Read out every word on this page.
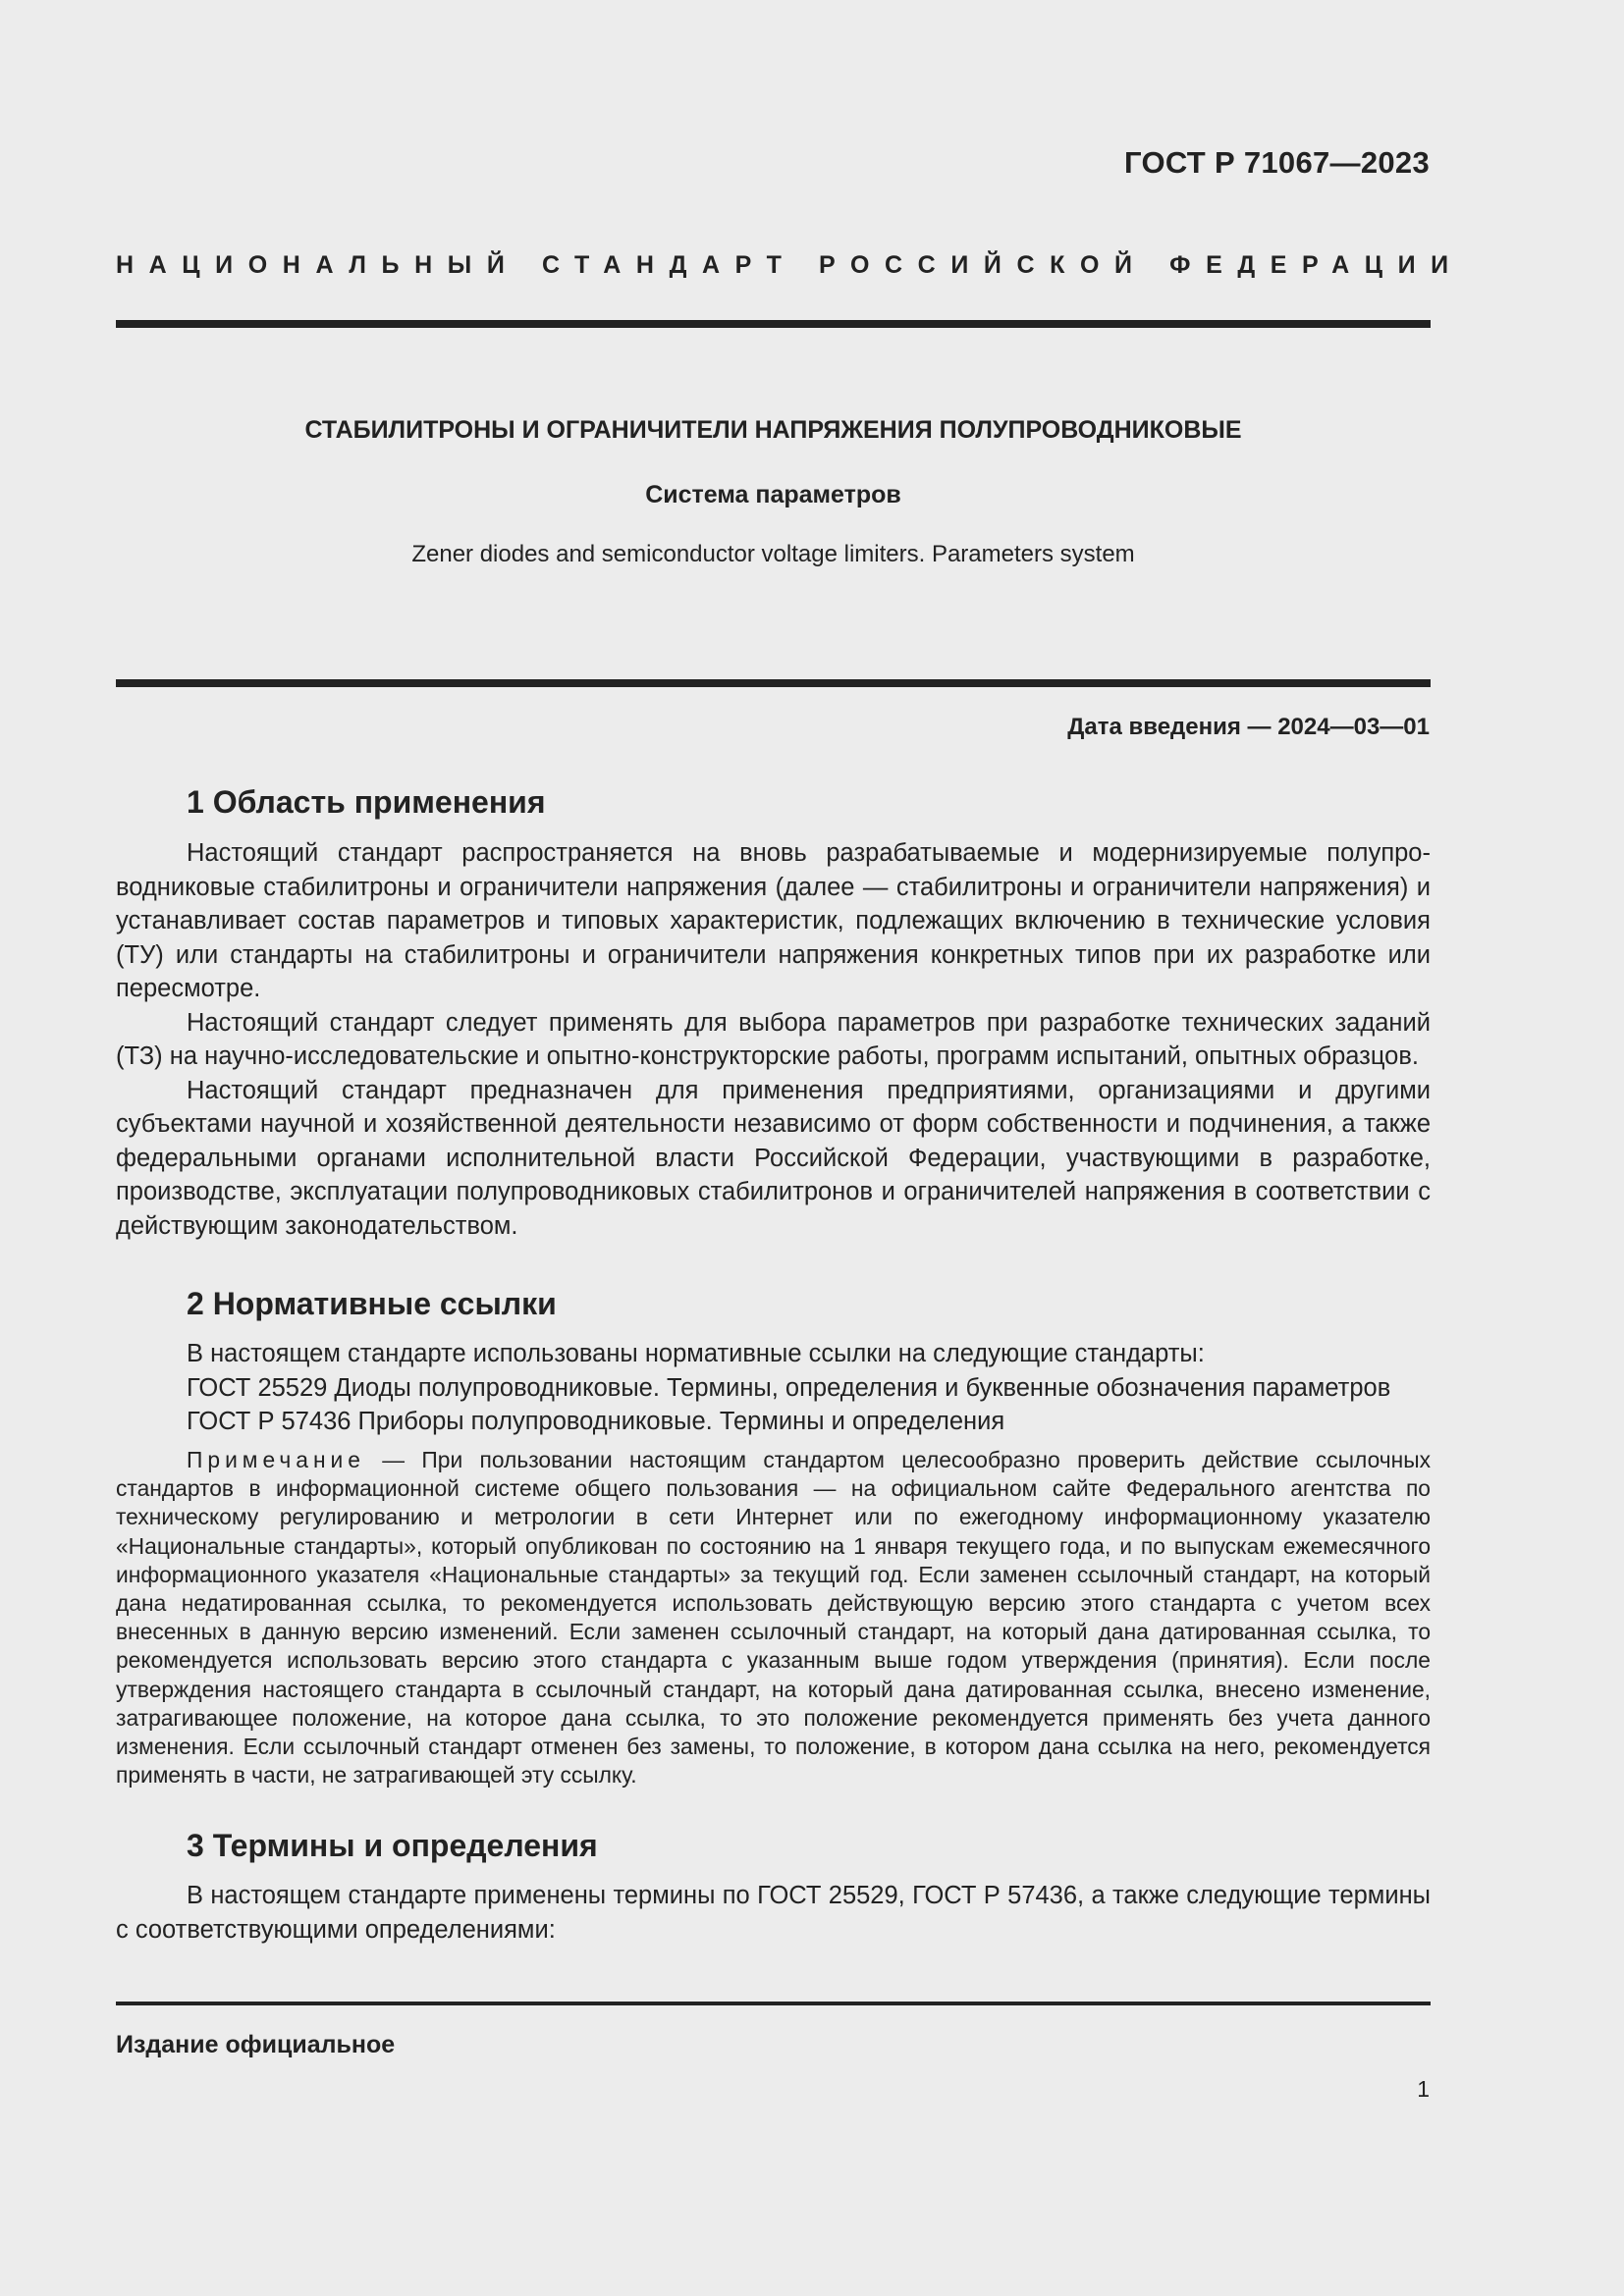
ГОСТ Р 71067—2023
НАЦИОНАЛЬНЫЙ СТАНДАРТ РОССИЙСКОЙ ФЕДЕРАЦИИ
СТАБИЛИТРОНЫ И ОГРАНИЧИТЕЛИ НАПРЯЖЕНИЯ ПОЛУПРОВОДНИКОВЫЕ
Система параметров
Zener diodes and semiconductor voltage limiters. Parameters system
Дата введения — 2024—03—01
1 Область применения

Настоящий стандарт распространяется на вновь разрабатываемые и модернизируемые полупроводниковые стабилитроны и ограничители напряжения (далее — стабилитроны и ограничители напряжения) и устанавливает состав параметров и типовых характеристик, подлежащих включению в технические условия (ТУ) или стандарты на стабилитроны и ограничители напряжения конкретных типов при их разработке или пересмотре.

Настоящий стандарт следует применять для выбора параметров при разработке технических заданий (ТЗ) на научно-исследовательские и опытно-конструкторские работы, программ испытаний, опытных образцов.

Настоящий стандарт предназначен для применения предприятиями, организациями и другими субъектами научной и хозяйственной деятельности независимо от форм собственности и подчинения, а также федеральными органами исполнительной власти Российской Федерации, участвующими в разработке, производстве, эксплуатации полупроводниковых стабилитронов и ограничителей напряжения в соответствии с действующим законодательством.

2 Нормативные ссылки
В настоящем стандарте использованы нормативные ссылки на следующие стандарты:
ГОСТ 25529 Диоды полупроводниковые. Термины, определения и буквенные обозначения параметров
ГОСТ Р 57436 Приборы полупроводниковые. Термины и определения
Примечание — При пользовании настоящим стандартом целесообразно проверить действие ссылочных стандартов в информационной системе общего пользования — на официальном сайте Федерального агентства по техническому регулированию и метрологии в сети Интернет или по ежегодному информационному указателю «Национальные стандарты», который опубликован по состоянию на 1 января текущего года, и по выпускам ежемесячного информационного указателя «Национальные стандарты» за текущий год. Если заменен ссылочный стандарт, на который дана недатированная ссылка, то рекомендуется использовать действующую версию этого стандарта с учетом всех внесенных в данную версию изменений. Если заменен ссылочный стандарт, на который дана датированная ссылка, то рекомендуется использовать версию этого стандарта с указанным выше годом утверждения (принятия). Если после утверждения настоящего стандарта в ссылочный стандарт, на который дана датированная ссылка, внесено изменение, затрагивающее положение, на которое дана ссылка, то это положение рекомендуется применять без учета данного изменения. Если ссылочный стандарт отменен без замены, то положение, в котором дана ссылка на него, рекомендуется применять в части, не затрагивающей эту ссылку.
3 Термины и определения

В настоящем стандарте применены термины по ГОСТ 25529, ГОСТ Р 57436, а также следующие термины с соответствующими определениями:

Издание официальное
1
